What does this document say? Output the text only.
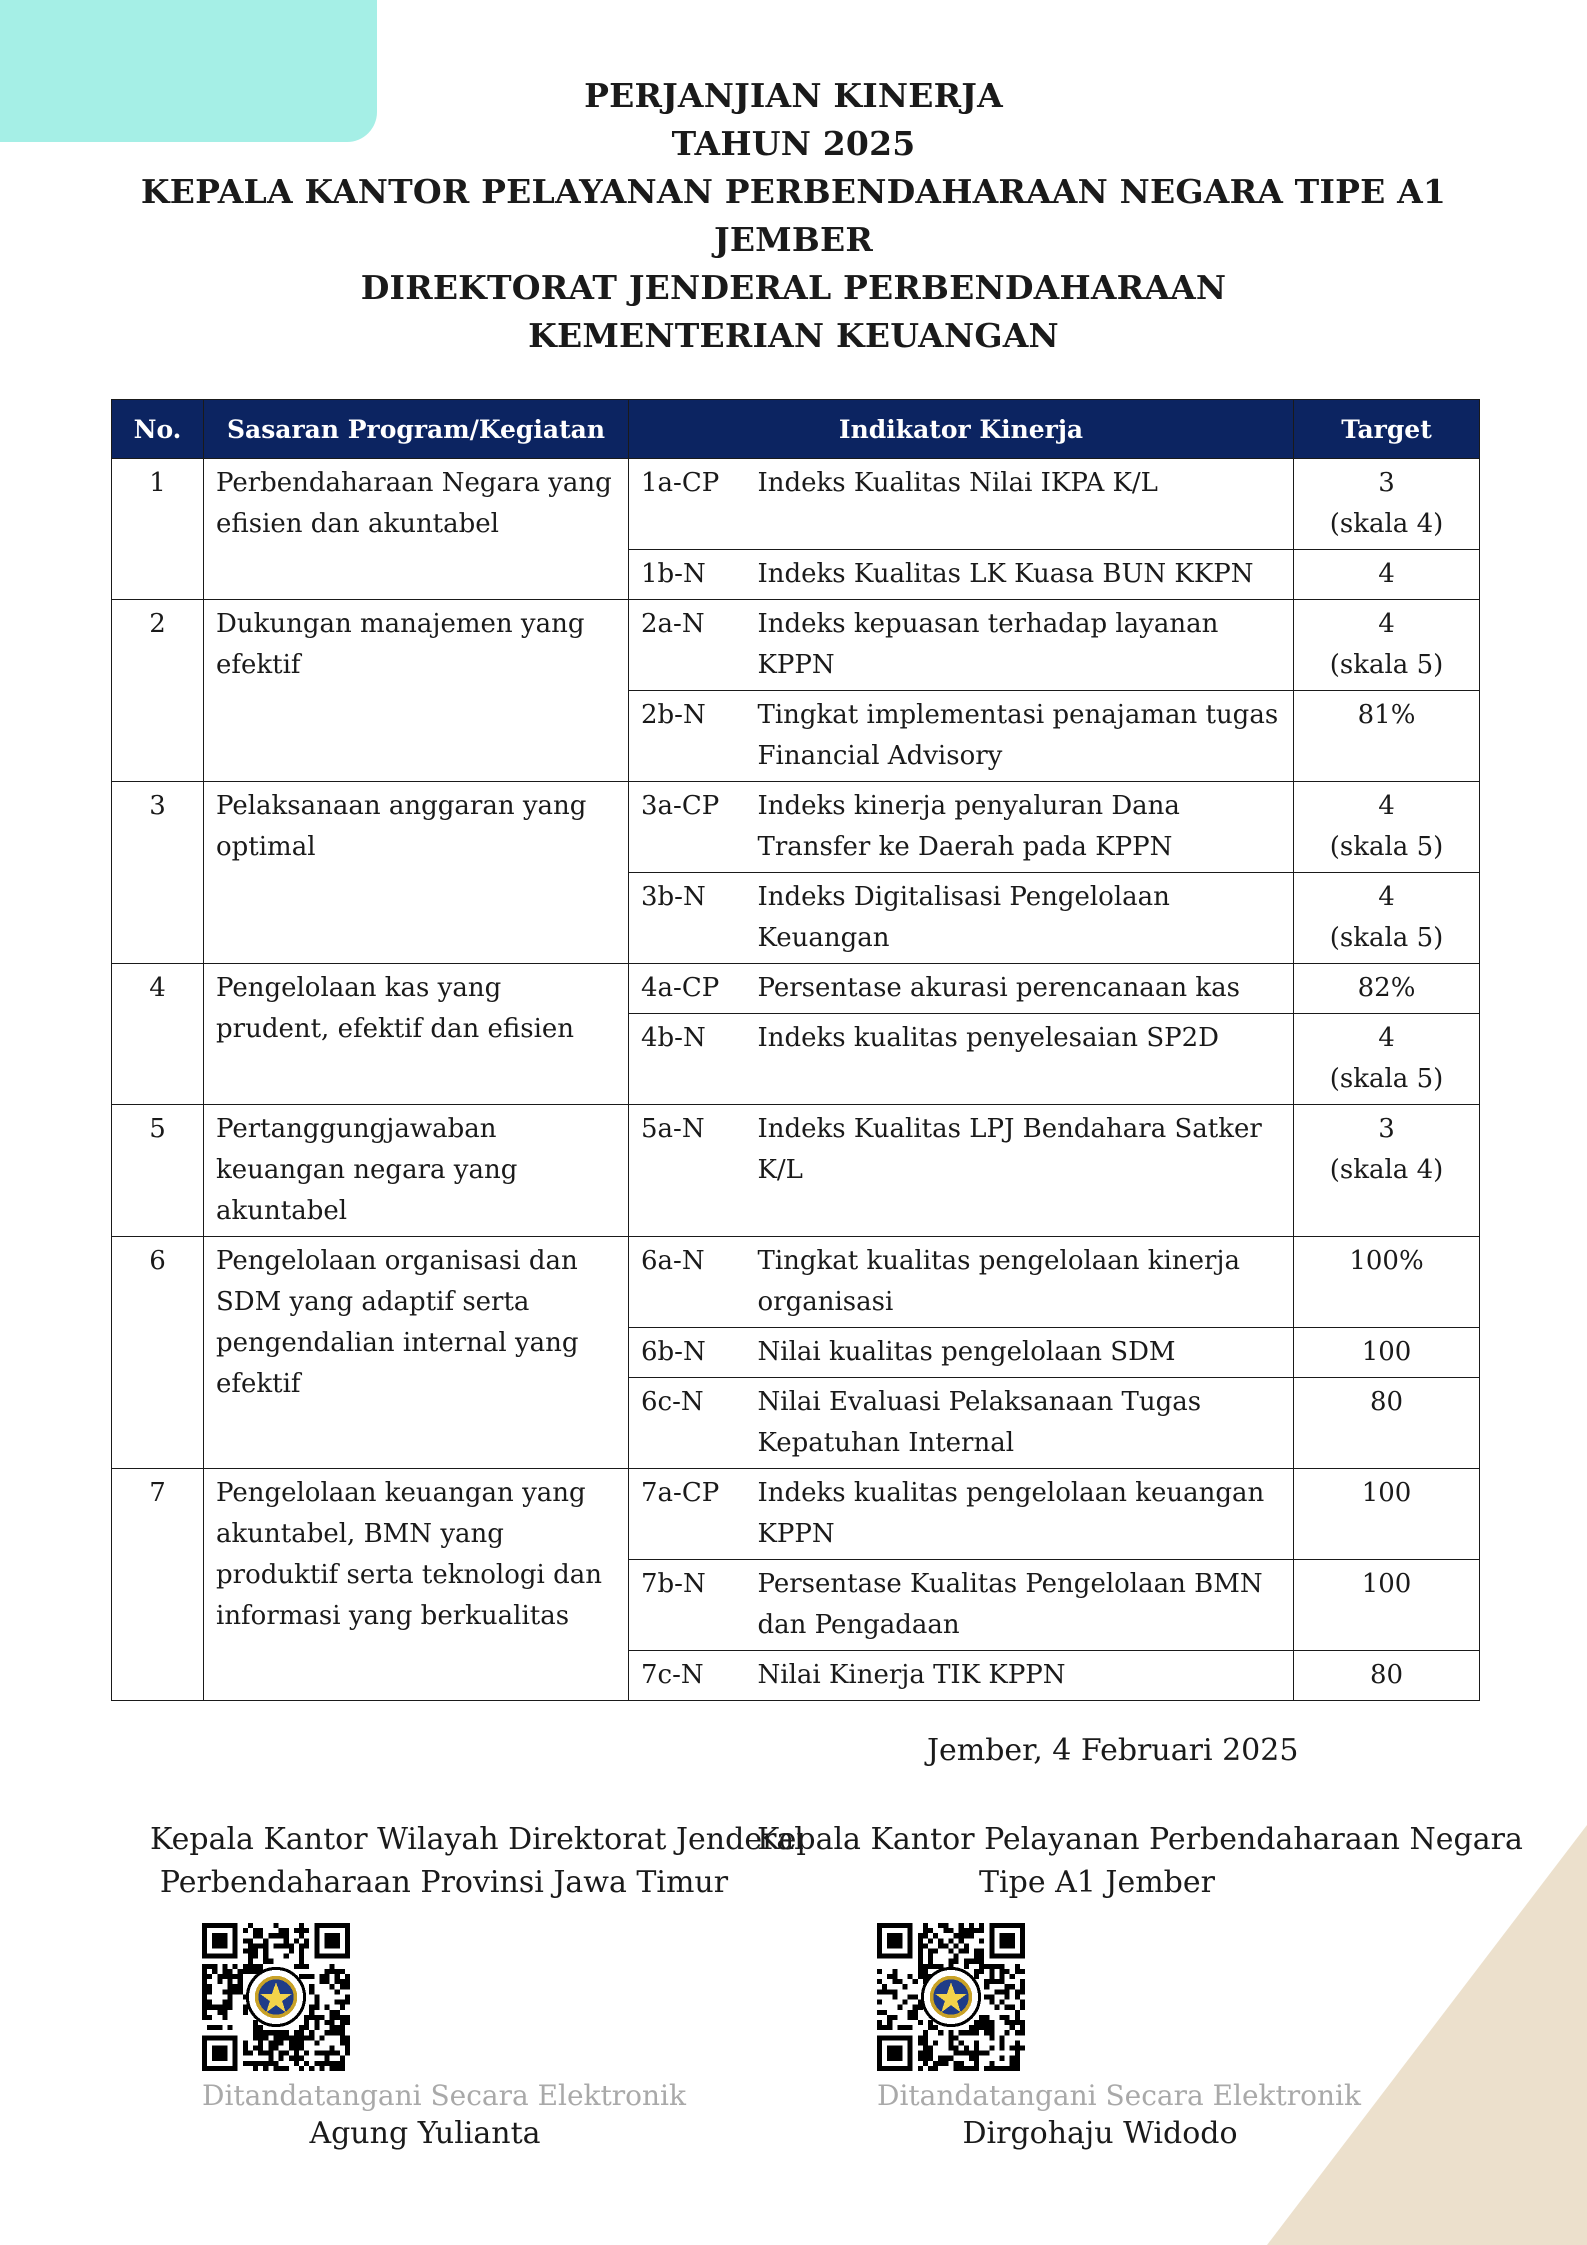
PERJANJIAN KINERJA
TAHUN 2025
KEPALA KANTOR PELAYANAN PERBENDAHARAAN NEGARA TIPE A1
JEMBER
DIREKTORAT JENDERAL PERBENDAHARAAN
KEMENTERIAN KEUANGAN
No.	Sasaran Program/Kegiatan	Indikator Kinerja		Target
1	Perbendaharaan Negara yang efisien dan akuntabel	1a-CP	Indeks Kualitas Nilai IKPA K/L	3
(skala 4)

		1b-N	Indeks Kualitas LK Kuasa BUN KKPN	4

2	Dukungan manajemen yang efektif	2a-N	Indeks kepuasan terhadap layanan KPPN	4
(skala 5)

		2b-N	Tingkat implementasi penajaman tugas Financial Advisory	81%

3	Pelaksanaan anggaran yang optimal	3a-CP	Indeks kinerja penyaluran Dana Transfer ke Daerah pada KPPN	4
(skala 5)

		3b-N	Indeks Digitalisasi Pengelolaan Keuangan	4
(skala 5)

4	Pengelolaan kas yang prudent, efektif dan efisien	4a-CP	Persentase akurasi perencanaan kas	82%

		4b-N	Indeks kualitas penyelesaian SP2D	4
(skala 5)

5	Pertanggungjawaban keuangan negara yang akuntabel	5a-N	Indeks Kualitas LPJ Bendahara Satker K/L	3
(skala 4)

6	Pengelolaan organisasi dan SDM yang adaptif serta pengendalian internal yang efektif	6a-N	Tingkat kualitas pengelolaan kinerja organisasi	100%

		6b-N	Nilai kualitas pengelolaan SDM	100

		6c-N	Nilai Evaluasi Pelaksanaan Tugas Kepatuhan Internal	80

7	Pengelolaan keuangan yang akuntabel, BMN yang produktif serta teknologi dan informasi yang berkualitas	7a-CP	Indeks kualitas pengelolaan keuangan KPPN	100

		7b-N	Persentase Kualitas Pengelolaan BMN dan Pengadaan	100

		7c-N	Nilai Kinerja TIK KPPN	80
Jember, 4 Februari 2025
Kepala Kantor Wilayah Direktorat Jenderal
Perbendaharaan Provinsi Jawa Timur
Kepala Kantor Pelayanan Perbendaharaan Negara
Tipe A1 Jember
Ditandatangani Secara Elektronik	Ditandatangani Secara Elektronik
Agung Yulianta	Dirgohaju Widodo
